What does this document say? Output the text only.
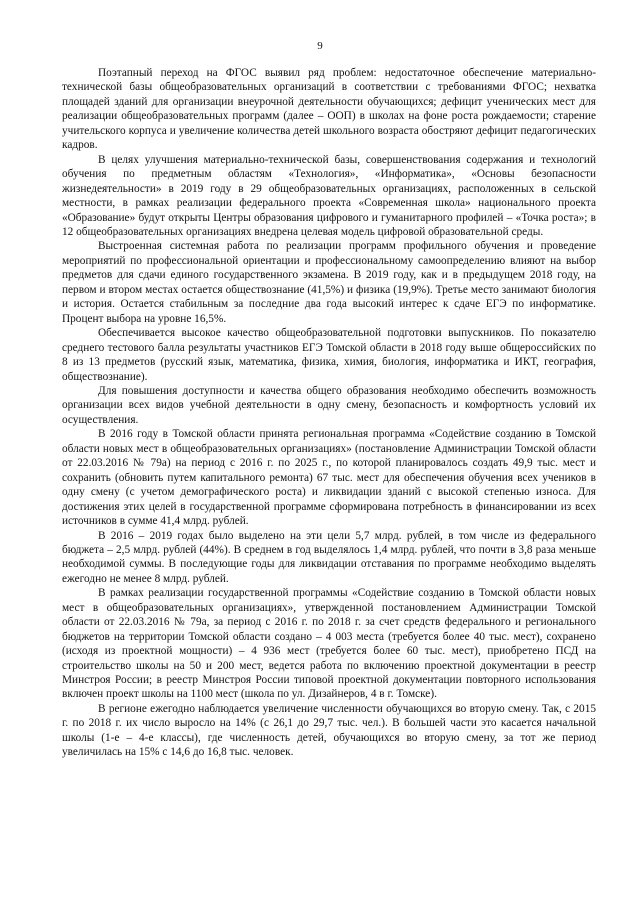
9

Поэтапный переход на ФГОС выявил ряд проблем: недостаточное обеспечение материально-технической базы общеобразовательных организаций в соответствии с требованиями ФГОС; нехватка площадей зданий для организации внеурочной деятельности обучающихся; дефицит ученических мест для реализации общеобразовательных программ (далее – ООП) в школах на фоне роста рождаемости; старение учительского корпуса и увеличение количества детей школьного возраста обостряют дефицит педагогических кадров.

В целях улучшения материально-технической базы, совершенствования содержания и технологий обучения по предметным областям «Технология», «Информатика», «Основы безопасности жизнедеятельности» в 2019 году в 29 общеобразовательных организациях, расположенных в сельской местности, в рамках реализации федерального проекта «Современная школа» национального проекта «Образование» будут открыты Центры образования цифрового и гуманитарного профилей – «Точка роста»; в 12 общеобразовательных организациях внедрена целевая модель цифровой образовательной среды.

Выстроенная системная работа по реализации программ профильного обучения и проведение мероприятий по профессиональной ориентации и профессиональному самоопределению влияют на выбор предметов для сдачи единого государственного экзамена. В 2019 году, как и в предыдущем 2018 году, на первом и втором местах остается обществознание (41,5%) и физика (19,9%). Третье место занимают биология и история. Остается стабильным за последние два года высокий интерес к сдаче ЕГЭ по информатике. Процент выбора на уровне 16,5%.

Обеспечивается высокое качество общеобразовательной подготовки выпускников. По показателю среднего тестового балла результаты участников ЕГЭ Томской области в 2018 году выше общероссийских по 8 из 13 предметов (русский язык, математика, физика, химия, биология, информатика и ИКТ, география, обществознание).

Для повышения доступности и качества общего образования необходимо обеспечить возможность организации всех видов учебной деятельности в одну смену, безопасность и комфортность условий их осуществления.

В 2016 году в Томской области принята региональная программа «Содействие созданию в Томской области новых мест в общеобразовательных организациях» (постановление Администрации Томской области от 22.03.2016 № 79а) на период с 2016 г. по 2025 г., по которой планировалось создать 49,9 тыс. мест и сохранить (обновить путем капитального ремонта) 67 тыс. мест для обеспечения обучения всех учеников в одну смену (с учетом демографического роста) и ликвидации зданий с высокой степенью износа. Для достижения этих целей в государственной программе сформирована потребность в финансировании из всех источников в сумме 41,4 млрд. рублей.

В 2016 – 2019 годах было выделено на эти цели 5,7 млрд. рублей, в том числе из федерального бюджета – 2,5 млрд. рублей (44%). В среднем в год выделялось 1,4 млрд. рублей, что почти в 3,8 раза меньше необходимой суммы. В последующие годы для ликвидации отставания по программе необходимо выделять ежегодно не менее 8 млрд. рублей.

В рамках реализации государственной программы «Содействие созданию в Томской области новых мест в общеобразовательных организациях», утвержденной постановлением Администрации Томской области от 22.03.2016 № 79а, за период с 2016 г. по 2018 г. за счет средств федерального и регионального бюджетов на территории Томской области создано – 4 003 места (требуется более 40 тыс. мест), сохранено (исходя из проектной мощности) – 4 936 мест (требуется более 60 тыс. мест), приобретено ПСД на строительство школы на 50 и 200 мест, ведется работа по включению проектной документации в реестр Минстроя России; в реестр Минстроя России типовой проектной документации повторного использования включен проект школы на 1100 мест (школа по ул. Дизайнеров, 4 в г. Томске).

В регионе ежегодно наблюдается увеличение численности обучающихся во вторую смену. Так, с 2015 г. по 2018 г. их число выросло на 14% (с 26,1 до 29,7 тыс. чел.). В большей части это касается начальной школы (1-е – 4-е классы), где численность детей, обучающихся во вторую смену, за тот же период увеличилась на 15% с 14,6 до 16,8 тыс. человек.
